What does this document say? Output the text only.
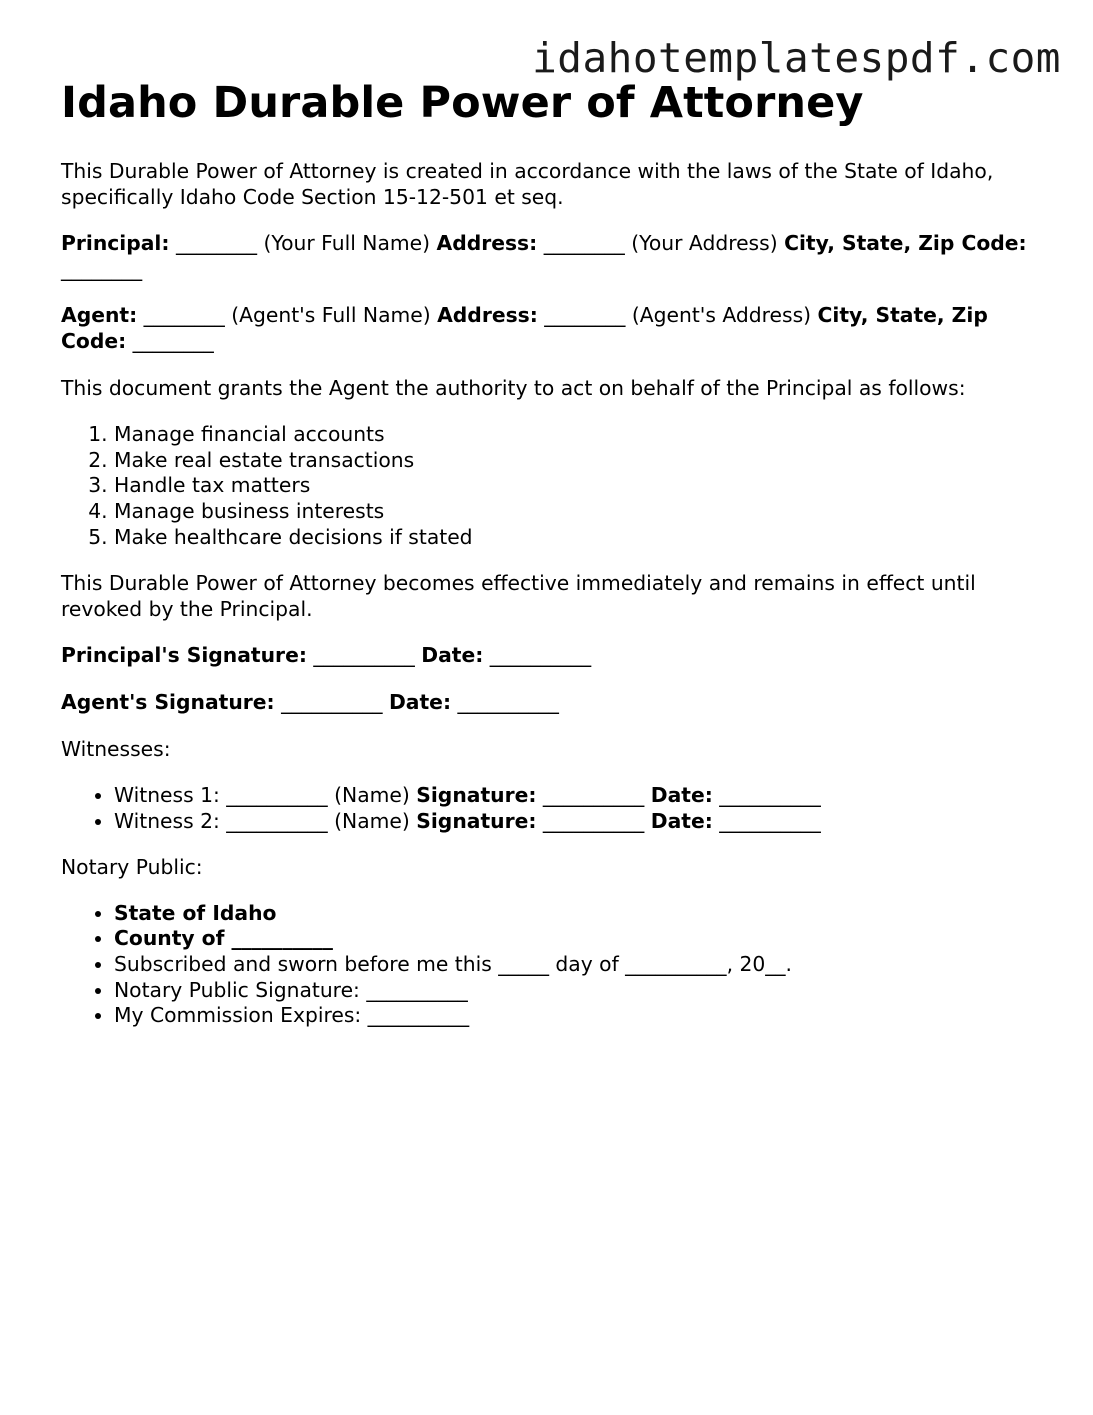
idahotemplatespdf.com
Idaho Durable Power of Attorney

This Durable Power of Attorney is created in accordance with the laws of the State of Idaho, specifically Idaho Code Section 15-12-501 et seq.

Principal: ________ (Your Full Name) Address: ________ (Your Address) City, State, Zip Code: ________

Agent: ________ (Agent's Full Name) Address: ________ (Agent's Address) City, State, Zip Code: ________

This document grants the Agent the authority to act on behalf of the Principal as follows:

1. Manage financial accounts
2. Make real estate transactions
3. Handle tax matters
4. Manage business interests
5. Make healthcare decisions if stated

This Durable Power of Attorney becomes effective immediately and remains in effect until revoked by the Principal.

Principal's Signature: __________ Date: __________

Agent's Signature: __________ Date: __________

Witnesses:

• Witness 1: __________ (Name) Signature: __________ Date: __________
• Witness 2: __________ (Name) Signature: __________ Date: __________

Notary Public:

• State of Idaho
• County of __________
• Subscribed and sworn before me this _____ day of __________, 20__.
• Notary Public Signature: __________
• My Commission Expires: __________
